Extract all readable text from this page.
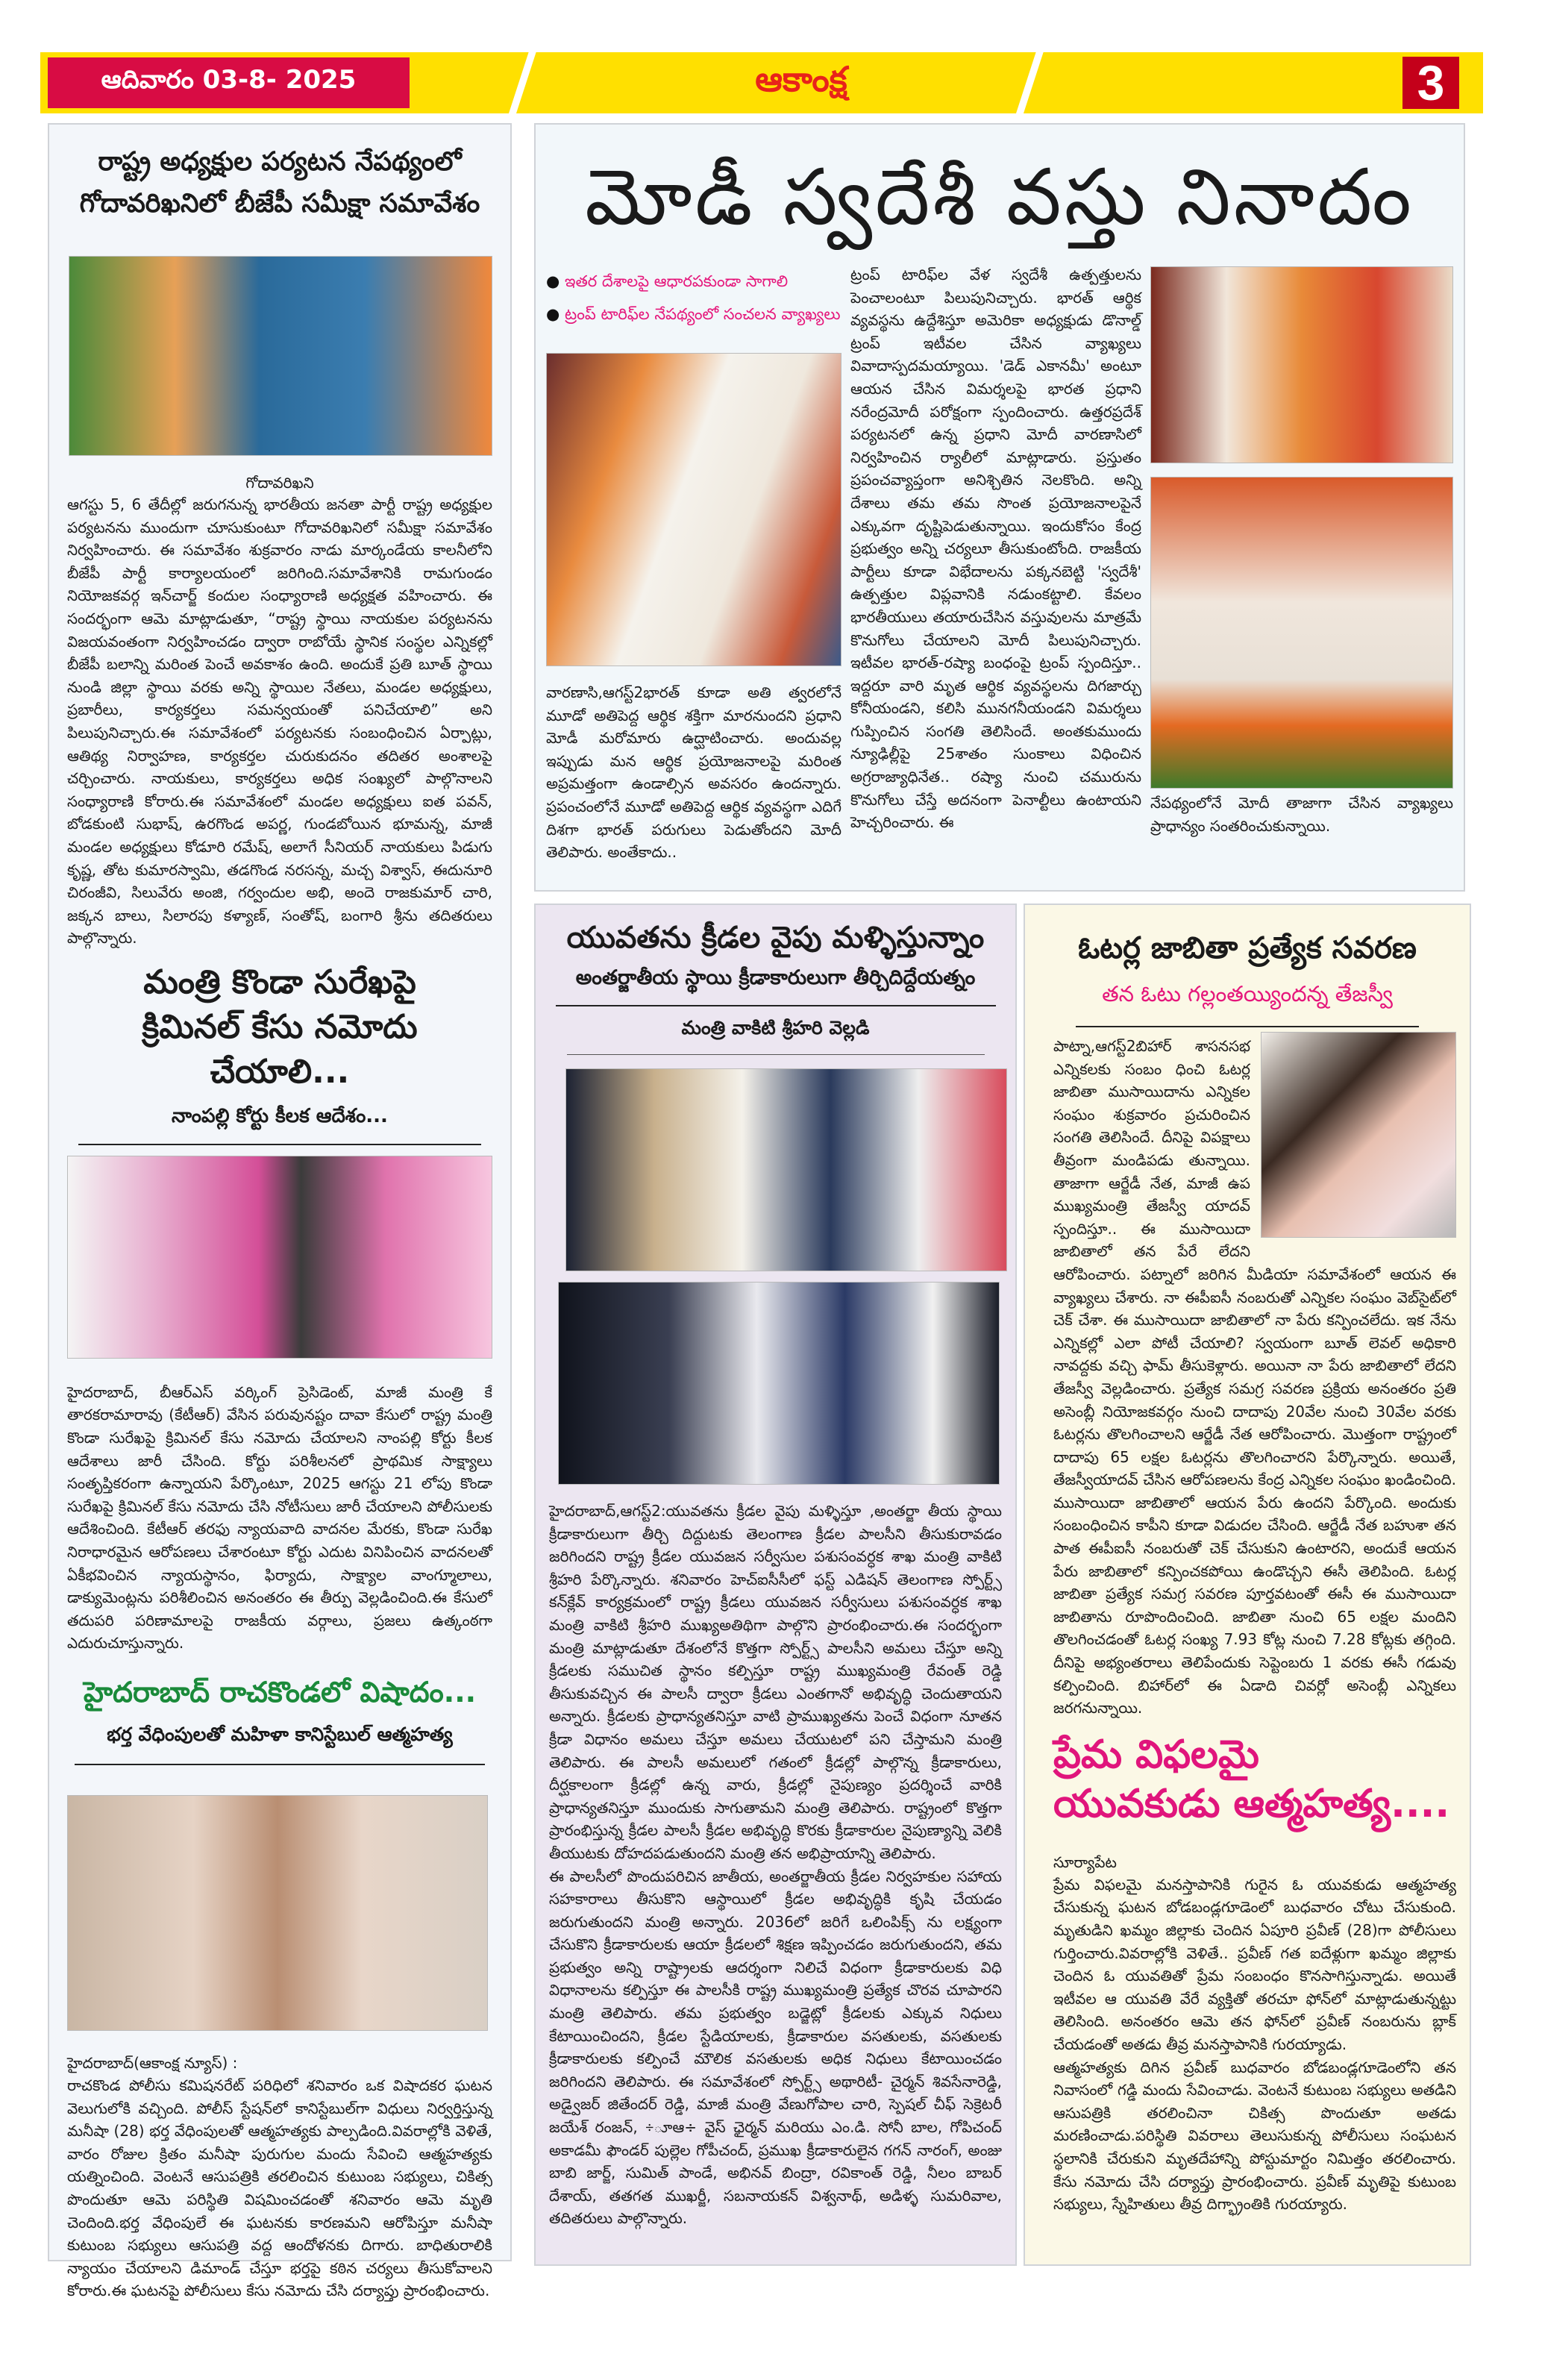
ఆదివారం 03-8- 2025	ఆకాంక్ష	3
రాష్ట్ర అధ్యక్షుల పర్యటన నేపథ్యంలో
గోదావరిఖనిలో బీజేపీ సమీక్షా సమావేశం
గోదావరిఖని
ఆగస్టు 5, 6 తేదీల్లో జరుగనున్న భారతీయ జనతా పార్టీ రాష్ట్ర అధ్యక్షుల పర్యటనను ముందుగా చూసుకుంటూ గోదావరిఖనిలో సమీక్షా సమావేశం నిర్వహించారు. ఈ సమావేశం శుక్రవారం నాడు మార్కండేయ కాలనీలోని బీజేపీ పార్టీ కార్యాలయంలో జరిగింది.సమావేశానికి రామగుండం నియోజకవర్గ ఇన్‌చార్జ్ కందుల సంధ్యారాణి అధ్యక్షత వహించారు. ఈ సందర్భంగా ఆమె మాట్లాడుతూ, “రాష్ట్ర స్థాయి నాయకుల పర్యటనను విజయవంతంగా నిర్వహించడం ద్వారా రాబోయే స్థానిక సంస్థల ఎన్నికల్లో బీజేపీ బలాన్ని మరింత పెంచే అవకాశం ఉంది. అందుకే ప్రతి బూత్ స్థాయి నుండి జిల్లా స్థాయి వరకు అన్ని స్థాయిల నేతలు, మండల అధ్యక్షులు, ప్రబారీలు, కార్యకర్తలు సమన్వయంతో పనిచేయాలి” అని పిలుపునిచ్చారు.ఈ సమావేశంలో పర్యటనకు సంబంధించిన ఏర్పాట్లు, ఆతిథ్య నిర్వాహణ, కార్యకర్తల చురుకుదనం తదితర అంశాలపై చర్చించారు. నాయకులు, కార్యకర్తలు అధిక సంఖ్యలో పాల్గొనాలని సంధ్యారాణి కోరారు.ఈ సమావేశంలో మండల అధ్యక్షులు ఐత పవన్, బోడకుంటి సుభాష్, ఉరగొండ అపర్ణ, గుండబోయిన భూమన్న, మాజీ మండల అధ్యక్షులు కోడూరి రమేష్, అలాగే సీనియర్ నాయకులు పిడుగు కృష్ణ, తోట కుమారస్వామి, తడగొండ నరసన్న, మచ్చ విశ్వాస్, ఈదునూరి చిరంజీవి, సిలువేరు అంజి, గర్వందుల అభి, అందె రాజకుమార్ చారి, జక్కన బాలు, సిలారపు కళ్యాణ్, సంతోష్, బంగారి శ్రీను తదితరులు పాల్గొన్నారు.
మంత్రి కొండా సురేఖపై
క్రిమినల్ కేసు నమోదు చేయాలి...
నాంపల్లి కోర్టు కీలక ఆదేశం...
హైదరాబాద్, బీఆర్ఎస్ వర్కింగ్ ప్రెసిడెంట్, మాజీ మంత్రి కే తారకరామారావు (కేటీఆర్) వేసిన పరువునష్టం దావా కేసులో రాష్ట్ర మంత్రి కొండా సురేఖపై క్రిమినల్ కేసు నమోదు చేయాలని నాంపల్లి కోర్టు కీలక ఆదేశాలు జారీ చేసింది. కోర్టు పరిశీలనలో ప్రాథమిక సాక్ష్యాలు సంతృప్తికరంగా ఉన్నాయని పేర్కొంటూ, 2025 ఆగస్టు 21 లోపు కొండా సురేఖపై క్రిమినల్ కేసు నమోదు చేసి నోటీసులు జారీ చేయాలని పోలీసులకు ఆదేశించింది. కేటీఆర్ తరఫు న్యాయవాది వాదనల మేరకు, కొండా సురేఖ నిరాధారమైన ఆరోపణలు చేశారంటూ కోర్టు ఎదుట వినిపించిన వాదనలతో ఏకీభవించిన న్యాయస్థానం, ఫిర్యాదు, సాక్ష్యాల వాంగ్మూలాలు, డాక్యుమెంట్లను పరిశీలించిన అనంతరం ఈ తీర్పు వెల్లడించింది.ఈ కేసులో తదుపరి పరిణామాలపై రాజకీయ వర్గాలు, ప్రజలు ఉత్కంఠగా ఎదురుచూస్తున్నారు.
హైదరాబాద్ రాచకొండలో విషాదం...
భర్త వేధింపులతో మహిళా కానిస్టేబుల్ ఆత్మహత్య
హైదరాబాద్(ఆకాంక్ష న్యూస్) :
రాచకొండ పోలీసు కమిషనరేట్ పరిధిలో శనివారం ఒక విషాదకర ఘటన వెలుగులోకి వచ్చింది. పోలీస్ స్టేషన్‌లో కానిస్టేబుల్‌గా విధులు నిర్వర్తిస్తున్న మనీషా (28) భర్త వేధింపులతో ఆత్మహత్యకు పాల్పడింది.వివరాల్లోకి వెళితే, వారం రోజుల క్రితం మనీషా పురుగుల మందు సేవించి ఆత్మహత్యకు యత్నించింది. వెంటనే ఆసుపత్రికి తరలించిన కుటుంబ సభ్యులు, చికిత్స పొందుతూ ఆమె పరిస్థితి విషమించడంతో శనివారం ఆమె మృతి చెందింది.భర్త వేధింపులే ఈ ఘటనకు కారణమని ఆరోపిస్తూ మనీషా కుటుంబ సభ్యులు ఆసుపత్రి వద్ద ఆందోళనకు దిగారు. బాధితురాలికి న్యాయం చేయాలని డిమాండ్ చేస్తూ భర్తపై కఠిన చర్యలు తీసుకోవాలని కోరారు.ఈ ఘటనపై పోలీసులు కేసు నమోదు చేసి దర్యాప్తు ప్రారంభించారు.
మోడీ స్వదేశీ వస్తు నినాదం
● ఇతర దేశాలపై ఆధారపకుండా సాగాలి
● ట్రంప్ టారిఫ్‌ల నేపథ్యంలో సంచలన వ్యాఖ్యలు
వారణాసి,ఆగస్ట్2భారత్ కూడా అతి త్వరలోనే మూడో అతిపెద్ద ఆర్థిక శక్తిగా మారనుందని ప్రధాని మోడీ మరోమారు ఉద్ఘాటించారు. అందువల్ల ఇప్పుడు మన ఆర్థిక ప్రయోజనాలపై మరింత అప్రమత్తంగా ఉండాల్సిన అవసరం ఉందన్నారు. ప్రపంచంలోనే మూడో అతిపెద్ద ఆర్థిక వ్యవస్థగా ఎదిగే దిశగా భారత్ పరుగులు పెడుతోందని మోదీ తెలిపారు. అంతేకాదు..
ట్రంప్ టారిఫ్‌ల వేళ స్వదేశీ ఉత్పత్తులను పెంచాలంటూ పిలుపునిచ్చారు. భారత్ ఆర్థిక వ్యవస్థను ఉద్దేశిస్తూ అమెరికా అధ్యక్షుడు డొనాల్డ్ ట్రంప్ ఇటీవల చేసిన వ్యాఖ్యలు వివాదాస్పదమయ్యాయి. 'డెడ్ ఎకానమీ' అంటూ ఆయన చేసిన విమర్శలపై భారత ప్రధాని నరేంద్రమోదీ పరోక్షంగా స్పందించారు. ఉత్తరప్రదేశ్ పర్యటనలో ఉన్న ప్రధాని మోదీ వారణాసిలో నిర్వహించిన ర్యాలీలో మాట్లాడారు. ప్రస్తుతం ప్రపంచవ్యాప్తంగా అనిశ్చితిన నెలకొంది. అన్ని దేశాలు తమ తమ సొంత ప్రయోజనాలపైనే ఎక్కువగా దృష్టిపెడుతున్నాయి. ఇందుకోసం కేంద్ర ప్రభుత్వం అన్ని చర్యలూ తీసుకుంటోంది. రాజకీయ పార్టీలు కూడా విభేదాలను పక్కనబెట్టి 'స్వదేశీ' ఉత్పత్తుల విప్లవానికి నడుంకట్టాలి. కేవలం భారతీయులు తయారుచేసిన వస్తువులను మాత్రమే కొనుగోలు చేయాలని మోదీ పిలుపునిచ్చారు. ఇటీవల భారత్-రష్యా బంధంపై ట్రంప్ స్పందిస్తూ.. ఇద్దరూ వారి మృత ఆర్థిక వ్యవస్థలను దిగజార్చు కోనీయండని, కలిసి మునగనీయండని విమర్శలు గుప్పించిన సంగతి తెలిసిందే. అంతకుముందు న్యూఢిల్లీపై 25శాతం సుంకాలు విధించిన అగ్రరాజ్యాధినేత.. రష్యా నుంచి చమురును కొనుగోలు చేస్తే అదనంగా పెనాల్టీలు ఉంటాయని హెచ్చరించారు. ఈ
నేపథ్యంలోనే మోదీ తాజాగా చేసిన వ్యాఖ్యలు ప్రాధాన్యం సంతరించుకున్నాయి.
యువతను క్రీడల వైపు మళ్ళిస్తున్నాం
అంతర్జాతీయ స్థాయి క్రీడాకారులుగా తీర్చిదిద్దేయత్నం
మంత్రి వాకిటి శ్రీహరి వెల్లడి

హైదరాబాద్,ఆగస్ట్2:యువతను క్రీడల వైపు మళ్ళిస్తూ ,అంతర్జా తీయ స్థాయి క్రీడాకారులుగా తీర్చి దిద్దుటకు తెలంగాణ క్రీడల పాలసీని తీసుకురావడం జరిగిందని రాష్ట్ర క్రీడల యువజన సర్వీసుల పశుసంవర్ధక శాఖ మంత్రి వాకిటి శ్రీహరి పేర్కొన్నారు. శనివారం హెచ్ఐసీసీలో ఫస్ట్ ఎడిషన్ తెలంగాణ స్పోర్ట్స్ కన్‌క్లేవ్ కార్యక్రమంలో రాష్ట్ర క్రీడలు యువజన సర్వీసులు పశుసంవర్ధక శాఖ మంత్రి వాకిటి శ్రీహరి ముఖ్యఅతిథిగా పాల్గొని ప్రారంభించారు.ఈ సందర్భంగా మంత్రి మాట్లాడుతూ దేశంలోనే కొత్తగా స్పోర్ట్స్ పాలసీని అమలు చేస్తూ అన్ని క్రీడలకు సముచిత స్థానం కల్పిస్తూ రాష్ట్ర ముఖ్యమంత్రి రేవంత్ రెడ్డి తీసుకువచ్చిన ఈ పాలసీ ద్వారా క్రీడలు ఎంతగానో అభివృద్ధి చెందుతాయని అన్నారు. క్రీడలకు ప్రాధాన్యతనిస్తూ వాటి ప్రాముఖ్యతను పెంచే విధంగా నూతన క్రీడా విధానం అమలు చేస్తూ అమలు చేయుటలో పని చేస్తామని మంత్రి తెలిపారు. ఈ పాలసీ అమలులో గతంలో క్రీడల్లో పాల్గొన్న క్రీడాకారులు, దీర్ఘకాలంగా క్రీడల్లో ఉన్న వారు, క్రీడల్లో నైపుణ్యం ప్రదర్శించే వారికి ప్రాధాన్యతనిస్తూ ముందుకు సాగుతామని మంత్రి తెలిపారు. రాష్ట్రంలో కొత్తగా ప్రారంభిస్తున్న క్రీడల పాలసీ క్రీడల అభివృద్ధి కొరకు క్రీడాకారుల నైపుణ్యాన్ని వెలికి తీయుటకు దోహదపడుతుందని మంత్రి తన అభిప్రాయాన్ని తెలిపారు.

ఈ పాలసీలో పొందుపరిచిన జాతీయ, అంతర్జాతీయ క్రీడల నిర్వహకుల సహాయ సహకారాలు తీసుకొని ఆస్థాయిలో క్రీడల అభివృద్ధికి కృషి చేయడం జరుగుతుందని మంత్రి అన్నారు. 2036లో జరిగే ఒలింపిక్స్ ను లక్ష్యంగా చేసుకొని క్రీడాకారులకు ఆయా క్రీడలలో శిక్షణ ఇప్పించడం జరుగుతుందని, తమ ప్రభుత్వం అన్ని రాష్ట్రాలకు ఆదర్శంగా నిలిచే విధంగా క్రీడాకారులకు విధి విధానాలను కల్పిస్తూ ఈ పాలసీకి రాష్ట్ర ముఖ్యమంత్రి ప్రత్యేక చొరవ చూపారని మంత్రి తెలిపారు. తమ ప్రభుత్వం బడ్జెట్లో క్రీడలకు ఎక్కువ నిధులు కేటాయించిందని, క్రీడల స్టేడియాలకు, క్రీడాకారుల వసతులకు, వసతులకు క్రీడాకారులకు కల్పించే మౌలిక వసతులకు అధిక నిధులు కేటాయించడం జరిగిందని తెలిపారు. ఈ సమావేశంలో స్పోర్ట్స్ అథారిటీ- చైర్మన్ శివసేనారెడ్డి, అడ్వైజర్ జితేందర్ రెడ్డి, మాజీ మంత్రి వేణుగోపాల చారి, స్పెషల్ చీఫ్ సెక్రెటరీ జయేశ్ రంజన్, ÷ూఆ÷ వైస్ ఛైర్మన్ మరియు ఎం.డి. సోనీ బాల, గోపిచంద్ అకాడమీ ఫౌండర్ పుల్లెల గోపీచంద్, ప్రముఖ క్రీడాకారులైన గగన్ నారంగ్, అంజు బాబి జార్జ్, సుమిత్ పాండే, అభినవ్ బింద్రా, రవికాంత్ రెడ్డి, నీలం బాబర్ దేశాయ్, తతగత ముఖర్జీ, సబనాయకన్ విశ్వనాథ్, అడిళ్ళ సుమరివాల, తదితరులు పాల్గొన్నారు.

ఓటర్ల జాబితా ప్రత్యేక సవరణ
తన ఓటు గల్లంతయ్యిందన్న తేజస్వీ
పాట్నా,ఆగస్ట్2బిహార్ శాసనసభ ఎన్నికలకు సంబం ధించి ఓటర్ల జాబితా ముసాయిదాను ఎన్నికల సంఘం శుక్రవారం ప్రచురించిన సంగతి తెలిసిందే. దీనిపై విపక్షాలు తీవ్రంగా మండిపడు తున్నాయి. తాజాగా ఆర్జేడీ నేత, మాజీ ఉప ముఖ్యమంత్రి తేజస్వీ యాదవ్ స్పందిస్తూ.. ఈ ముసాయిదా జాబితాలో తన పేరే లేదని ఆరోపించారు. పట్నాలో జరిగిన మీడియా సమావేశంలో ఆయన ఈ వ్యాఖ్యలు చేశారు. నా ఈపీఐసీ నంబరుతో ఎన్నికల సంఘం వెబ్‌సైట్‌లో చెక్ చేశా. ఈ ముసాయిదా జాబితాలో నా పేరు కన్పించలేదు. ఇక నేను ఎన్నికల్లో ఎలా పోటీ చేయాలి? స్వయంగా బూత్ లెవల్ అధికారి నావద్దకు వచ్చి ఫామ్ తీసుకెళ్లారు. అయినా నా పేరు జాబితాలో లేదని తేజస్వీ వెల్లడించారు. ప్రత్యేక సమగ్ర సవరణ ప్రక్రియ అనంతరం ప్రతి అసెంబ్లీ నియోజకవర్గం నుంచి దాదాపు 20వేల నుంచి 30వేల వరకు ఓటర్లను తొలగించాలని ఆర్జేడీ నేత ఆరోపించారు. మొత్తంగా రాష్ట్రంలో దాదాపు 65 లక్షల ఓటర్లను తొలగించారని పేర్కొన్నారు. అయితే, తేజస్వీయాదవ్ చేసిన ఆరోపణలను కేంద్ర ఎన్నికల సంఘం ఖండించింది. ముసాయిదా జాబితాలో ఆయన పేరు ఉందని పేర్కొంది. అందుకు సంబంధించిన కాపీని కూడా విడుదల చేసింది. ఆర్జేడీ నేత బహుశా తన పాత ఈపీఐసీ నంబరుతో చెక్ చేసుకుని ఉంటారని, అందుకే ఆయన పేరు జాబితాలో కన్పించకపోయి ఉండొచ్చని ఈసీ తెలిపింది. ఓటర్ల జాబితా ప్రత్యేక సమగ్ర సవరణ పూర్తవటంతో ఈసీ ఈ ముసాయిదా జాబితాను రూపొందించింది. జాబితా నుంచి 65 లక్షల మందిని తొలగించడంతో ఓటర్ల సంఖ్య 7.93 కోట్ల నుంచి 7.28 కోట్లకు తగ్గింది. దీనిపై అభ్యంతరాలు తెలిపేందుకు సెప్టెంబరు 1 వరకు ఈసీ గడువు కల్పించింది. బిహార్‌లో ఈ ఏడాది చివర్లో అసెంబ్లీ ఎన్నికలు జరగనున్నాయి.
ప్రేమ విఫలమై
యువకుడు ఆత్మహత్య....
సూర్యాపేట

ప్రేమ విఫలమై మనస్తాపానికి గురైన ఓ యువకుడు ఆత్మహత్య చేసుకున్న ఘటన బోడబండ్లగూడెంలో బుధవారం చోటు చేసుకుంది. మృతుడిని ఖమ్మం జిల్లాకు చెందిన ఏపూరి ప్రవీణ్ (28)గా పోలీసులు గుర్తించారు.వివరాల్లోకి వెళితే.. ప్రవీణ్ గత ఐదేళ్లుగా ఖమ్మం జిల్లాకు చెందిన ఓ యువతితో ప్రేమ సంబంధం కొనసాగిస్తున్నాడు. అయితే ఇటీవల ఆ యువతి వేరే వ్యక్తితో తరచూ ఫోన్‌లో మాట్లాడుతున్నట్టు తెలిసింది. అనంతరం ఆమె తన ఫోన్‌లో ప్రవీణ్ నంబరును బ్లాక్ చేయడంతో అతడు తీవ్ర మనస్తాపానికి గురయ్యాడు.

ఆత్మహత్యకు దిగిన ప్రవీణ్ బుధవారం బోడబండ్లగూడెంలోని తన నివాసంలో గడ్డి మందు సేవించాడు. వెంటనే కుటుంబ సభ్యులు అతడిని ఆసుపత్రికి తరలించినా చికిత్స పొందుతూ అతడు మరణించాడు.పరిస్థితి వివరాలు తెలుసుకున్న పోలీసులు సంఘటన స్థలానికి చేరుకుని మృతదేహాన్ని పోస్టుమార్టం నిమిత్తం తరలించారు. కేసు నమోదు చేసి దర్యాప్తు ప్రారంభించారు. ప్రవీణ్ మృతిపై కుటుంబ సభ్యులు, స్నేహితులు తీవ్ర దిగ్భ్రాంతికి గురయ్యారు.
